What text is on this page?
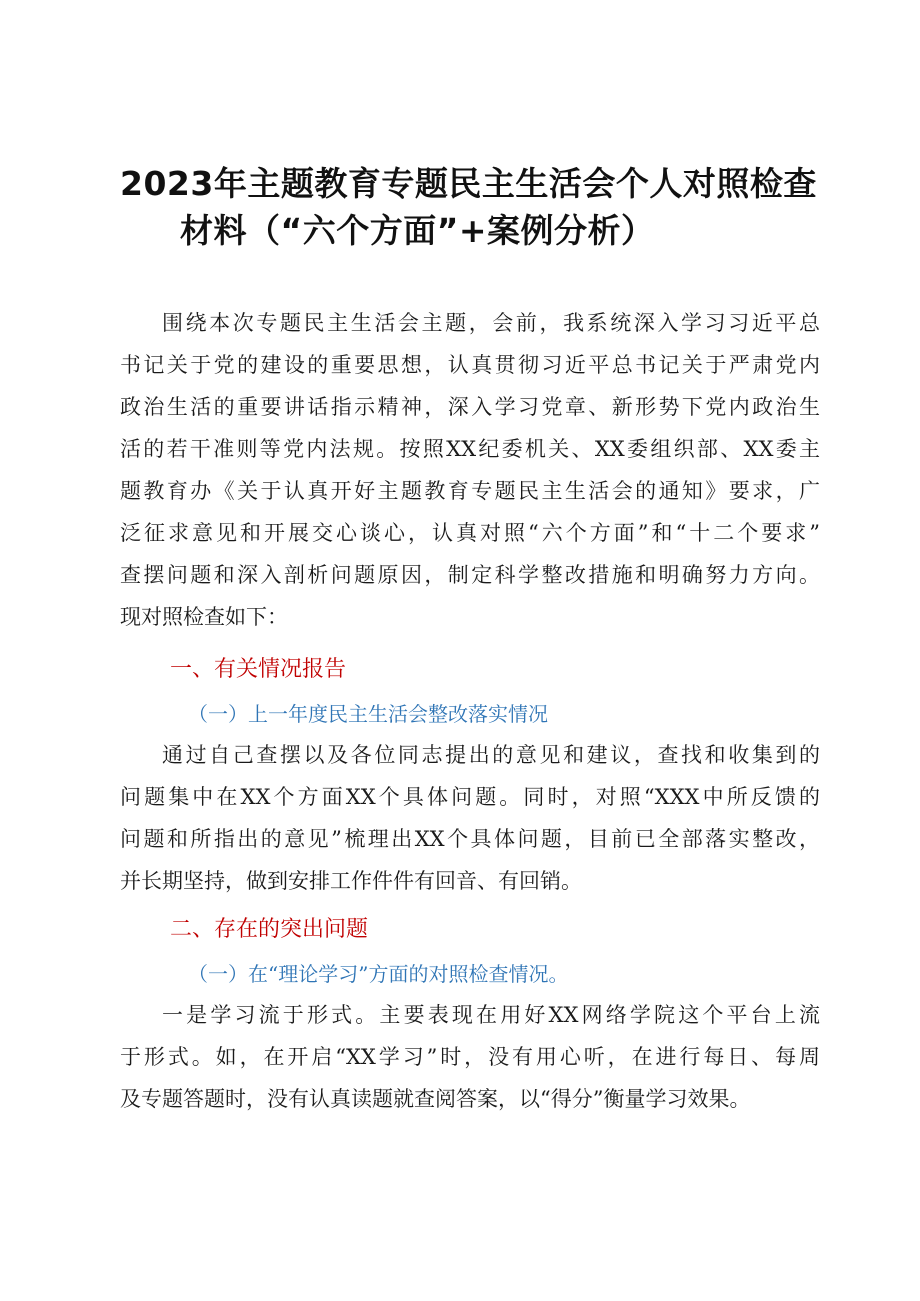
2023年主题教育专题民主生活会个人对照检查
材料（“六个方面”+案例分析）
围绕本次专题民主生活会主题，会前，我系统深入学习习近平总
书记关于党的建设的重要思想，认真贯彻习近平总书记关于严肃党内
政治生活的重要讲话指示精神，深入学习党章、新形势下党内政治生
活的若干准则等党内法规。按照XX纪委机关、XX委组织部、XX委主
题教育办《关于认真开好主题教育专题民主生活会的通知》要求，广
泛征求意见和开展交心谈心，认真对照“六个方面”和“十二个要求”
查摆问题和深入剖析问题原因，制定科学整改措施和明确努力方向。
现对照检查如下：
一、有关情况报告
（一）上一年度民主生活会整改落实情况
通过自己查摆以及各位同志提出的意见和建议，查找和收集到的
问题集中在XX个方面XX个具体问题。同时，对照“XXX中所反馈的
问题和所指出的意见”梳理出XX个具体问题，目前已全部落实整改，
并长期坚持，做到安排工作件件有回音、有回销。
二、存在的突出问题
（一）在“理论学习”方面的对照检查情况。
一是学习流于形式。主要表现在用好XX网络学院这个平台上流
于形式。如，在开启“XX学习”时，没有用心听，在进行每日、每周
及专题答题时，没有认真读题就查阅答案，以“得分”衡量学习效果。
